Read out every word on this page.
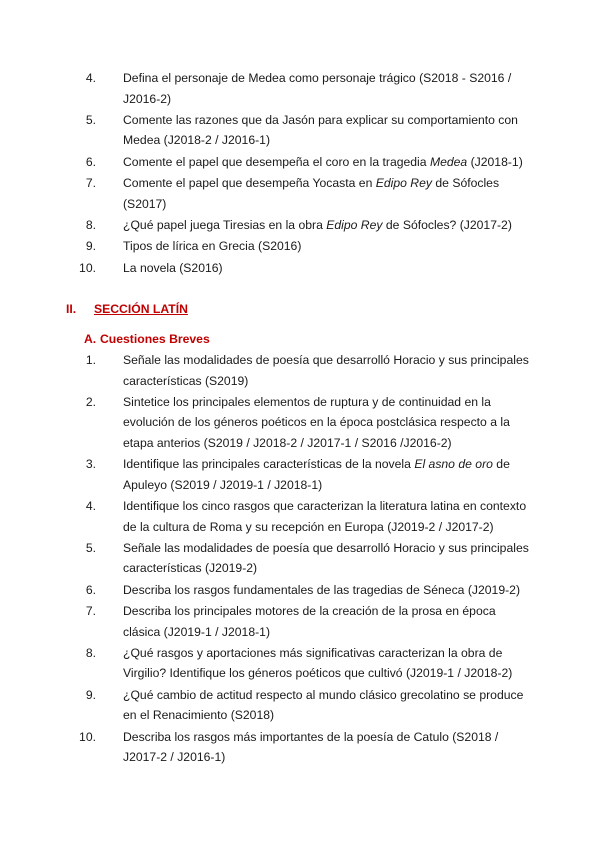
4.	Defina el personaje de Medea como personaje trágico (S2018 - S2016 / J2016-2)
5.	Comente las razones que da Jasón para explicar su comportamiento con Medea (J2018-2 / J2016-1)
6.	Comente el papel que desempeña el coro en la tragedia Medea (J2018-1)
7.	Comente el papel que desempeña Yocasta en Edipo Rey de Sófocles (S2017)
8.	¿Qué papel juega Tiresias en la obra Edipo Rey de Sófocles? (J2017-2)
9.	Tipos de lírica en Grecia (S2016)
10.	La novela (S2016)
II. SECCIÓN LATÍN
A. Cuestiones Breves
1.	Señale las modalidades de poesía que desarrolló Horacio y sus principales características (S2019)
2.	Sintetice los principales elementos de ruptura y de continuidad en la evolución de los géneros poéticos en la época postclásica respecto a la etapa anterios (S2019 / J2018-2 / J2017-1 / S2016 /J2016-2)
3.	Identifique las principales características de la novela El asno de oro de Apuleyo (S2019 / J2019-1 / J2018-1)
4.	Identifique los cinco rasgos que caracterizan la literatura latina en contexto de la cultura de Roma y su recepción en Europa (J2019-2 / J2017-2)
5.	Señale las modalidades de poesía que desarrolló Horacio y sus principales características (J2019-2)
6.	Describa los rasgos fundamentales de las tragedias de Séneca (J2019-2)
7.	Describa los principales motores de la creación de la prosa en época clásica (J2019-1 / J2018-1)
8.	¿Qué rasgos y aportaciones más significativas caracterizan la obra de Virgilio? Identifique los géneros poéticos que cultivó (J2019-1 / J2018-2)
9.	¿Qué cambio de actitud respecto al mundo clásico grecolatino se produce en el Renacimiento (S2018)
10.	Describa los rasgos más importantes de la poesía de Catulo (S2018 / J2017-2 / J2016-1)
